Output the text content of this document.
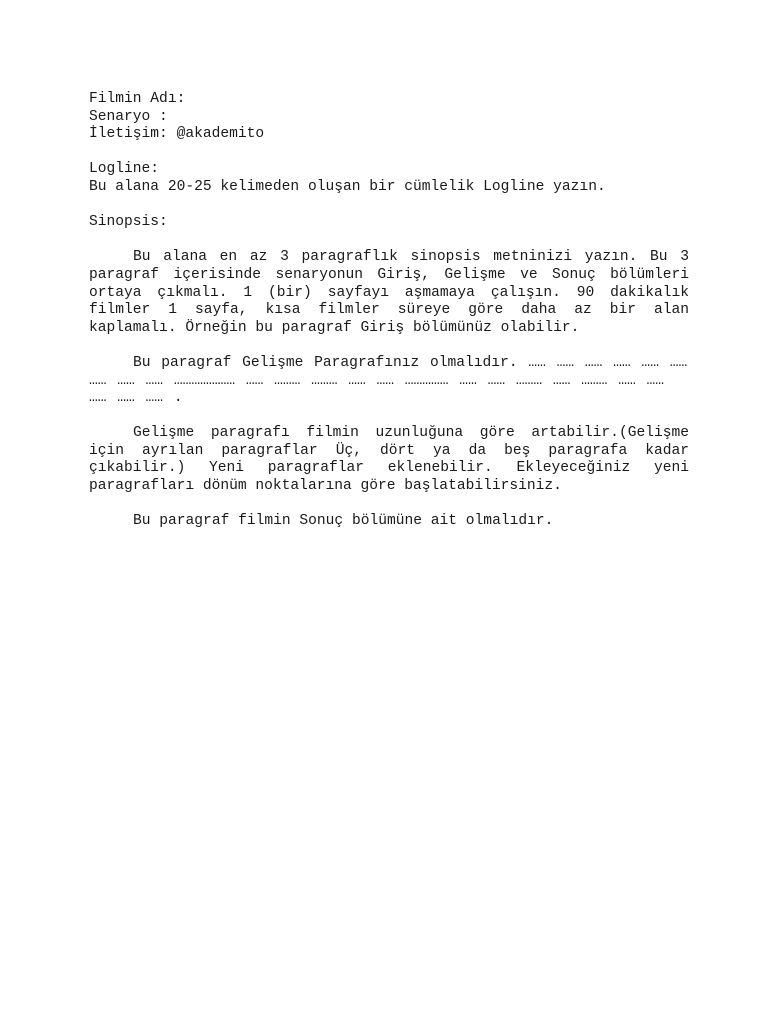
Filmin Adı:
Senaryo :
İletişim: @akademito
Logline:
Bu alana 20-25 kelimeden oluşan bir cümlelik Logline yazın.
Sinopsis:
Bu alana en az 3 paragraflık sinopsis metninizi yazın. Bu 3 paragraf içerisinde senaryonun Giriş, Gelişme ve Sonuç bölümleri ortaya çıkmalı. 1 (bir) sayfayı aşmamaya çalışın. 90 dakikalık filmler 1 sayfa, kısa filmler süreye göre daha az bir alan kaplamalı. Örneğin bu paragraf Giriş bölümünüz olabilir.
Bu paragraf Gelişme Paragrafınız olmalıdır. …… …… …… …… …… …… …… …… …… ………………… …… ……… ……… …… …… …………… …… …… ……… …… ……… …… …… …… …… …… .
Gelişme paragrafı filmin uzunluğuna göre artabilir.(Gelişme için ayrılan paragraflar Üç, dört ya da beş paragrafa kadar çıkabilir.) Yeni paragraflar eklenebilir. Ekleyeceğiniz yeni paragrafları dönüm noktalarına göre başlatabilirsiniz.
Bu paragraf filmin Sonuç bölümüne ait olmalıdır.
